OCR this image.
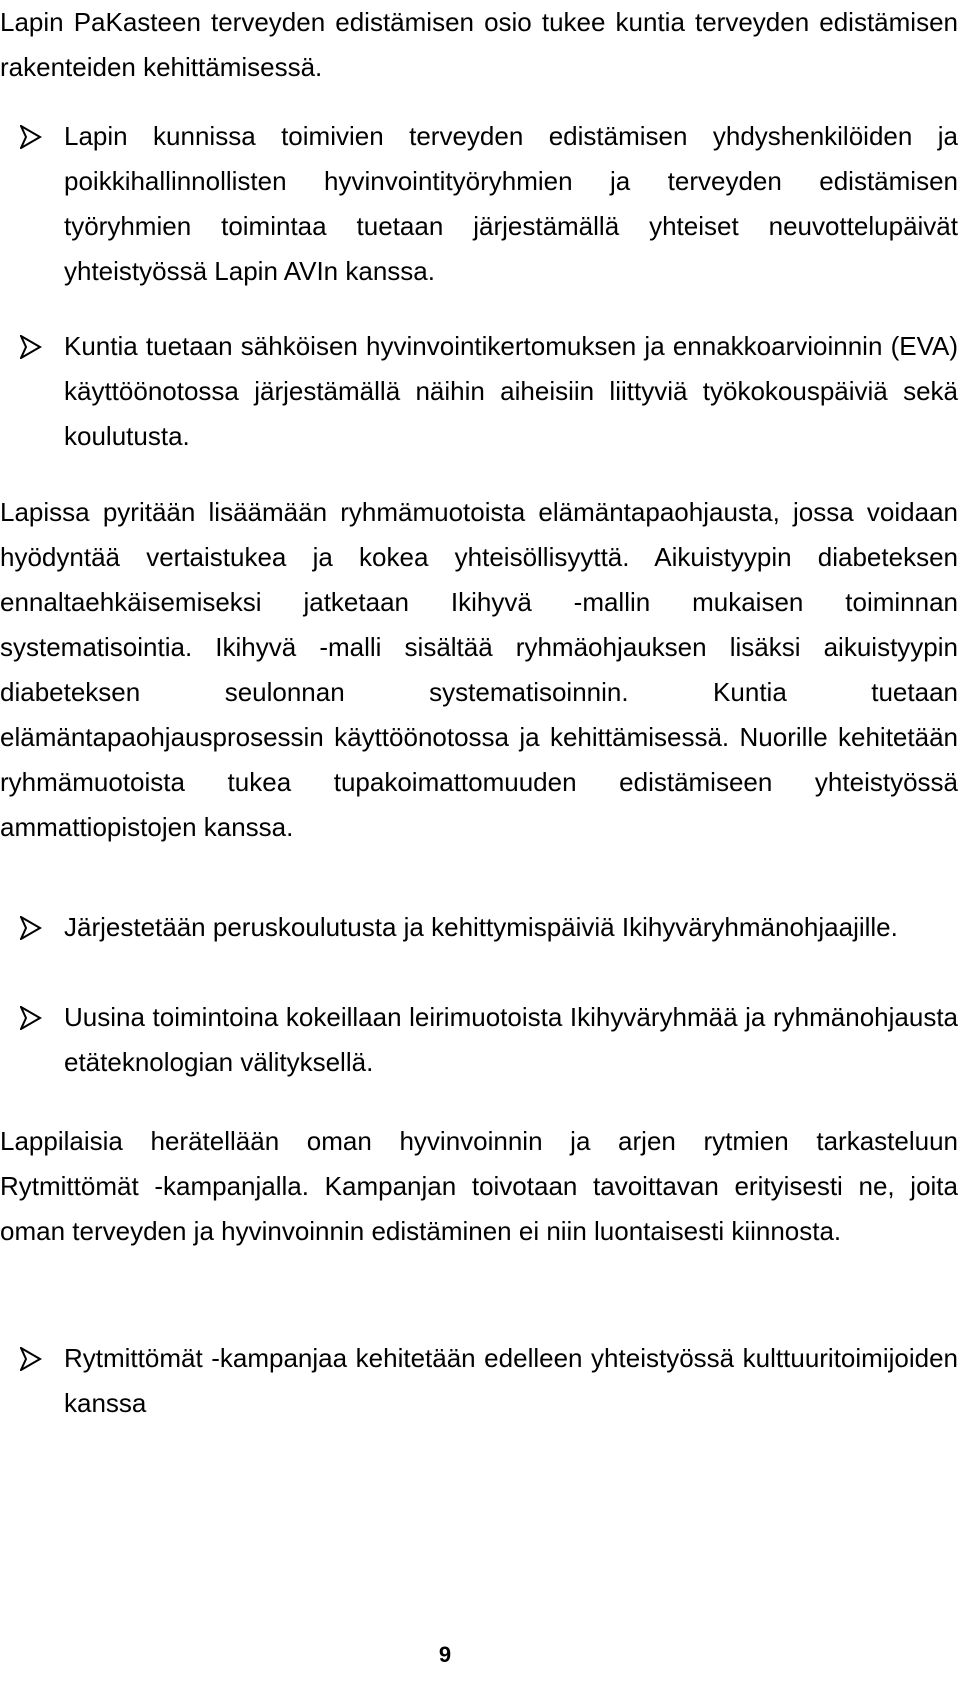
Lapin PaKasteen terveyden edistämisen osio tukee kuntia terveyden edistämisen rakenteiden kehittämisessä.

Lapin kunnissa toimivien terveyden edistämisen yhdyshenkilöiden ja poikkihallinnollisten hyvinvointityöryhmien ja terveyden edistämisen työryhmien toimintaa tuetaan järjestämällä yhteiset neuvottelupäivät yhteistyössä Lapin AVIn kanssa.

Kuntia tuetaan sähköisen hyvinvointikertomuksen ja ennakkoarvioinnin (EVA) käyttöönotossa järjestämällä näihin aiheisiin liittyviä työkokouspäiviä sekä koulutusta.

Lapissa pyritään lisäämään ryhmämuotoista elämäntapaohjausta, jossa voidaan hyödyntää vertaistukea ja kokea yhteisöllisyyttä. Aikuistyypin diabeteksen ennaltaehkäisemiseksi jatketaan Ikihyvä -mallin mukaisen toiminnan systematisointia. Ikihyvä -malli sisältää ryhmäohjauksen lisäksi aikuistyypin diabeteksen seulonnan systematisoinnin. Kuntia tuetaan elämäntapaohjausprosessin käyttöönotossa ja kehittämisessä. Nuorille kehitetään ryhmämuotoista tukea tupakoimattomuuden edistämiseen yhteistyössä ammattiopistojen kanssa.

Järjestetään peruskoulutusta ja kehittymispäiviä Ikihyväryhmänohjaajille.

Uusina toimintoina kokeillaan leirimuotoista Ikihyväryhmää ja ryhmänohjausta etäteknologian välityksellä.

Lappilaisia herätellään oman hyvinvoinnin ja arjen rytmien tarkasteluun Rytmittömät -kampanjalla. Kampanjan toivotaan tavoittavan erityisesti ne, joita oman terveyden ja hyvinvoinnin edistäminen ei niin luontaisesti kiinnosta.

Rytmittömät -kampanjaa kehitetään edelleen yhteistyössä kulttuuritoimijoiden kanssa

9
